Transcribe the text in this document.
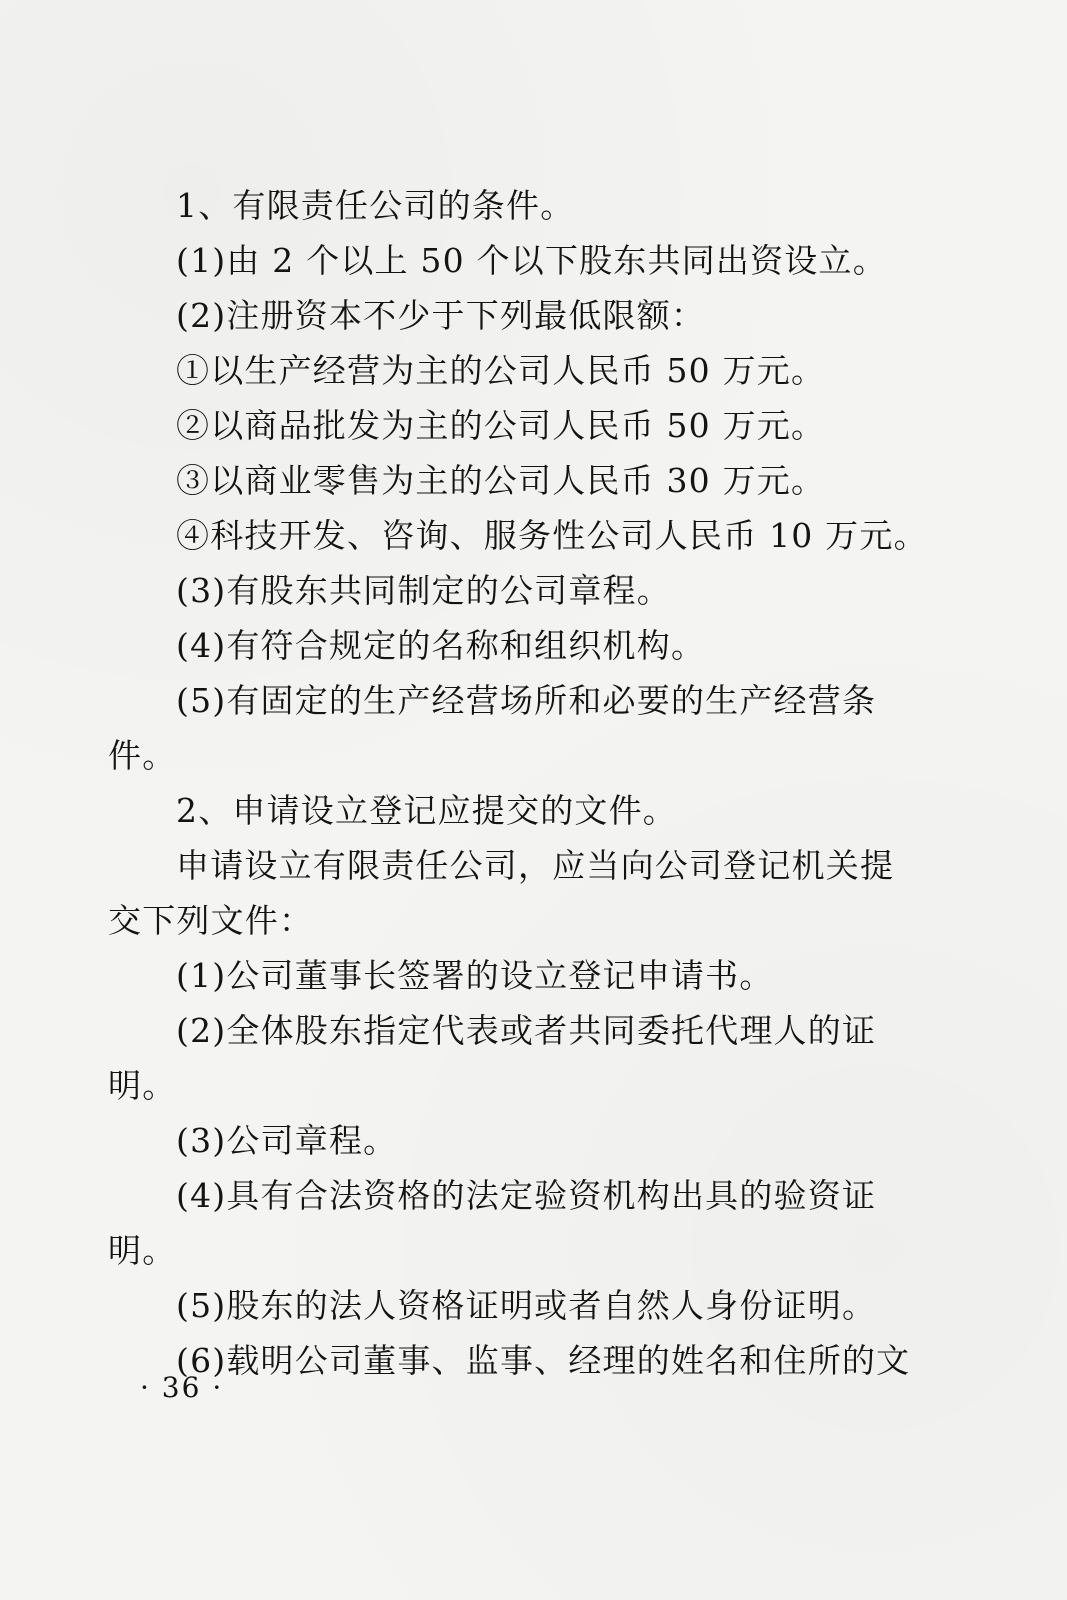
1、有限责任公司的条件。

(1)由 2 个以上 50 个以下股东共同出资设立。

(2)注册资本不少于下列最低限额：

①以生产经营为主的公司人民币 50 万元。

②以商品批发为主的公司人民币 50 万元。

③以商业零售为主的公司人民币 30 万元。

④科技开发、咨询、服务性公司人民币 10 万元。

(3)有股东共同制定的公司章程。

(4)有符合规定的名称和组织机构。

(5)有固定的生产经营场所和必要的生产经营条

件。

2、申请设立登记应提交的文件。

申请设立有限责任公司，应当向公司登记机关提

交下列文件：

(1)公司董事长签署的设立登记申请书。

(2)全体股东指定代表或者共同委托代理人的证

明。

(3)公司章程。

(4)具有合法资格的法定验资机构出具的验资证

明。

(5)股东的法人资格证明或者自然人身份证明。

(6)载明公司董事、监事、经理的姓名和住所的文

· 36 ·
